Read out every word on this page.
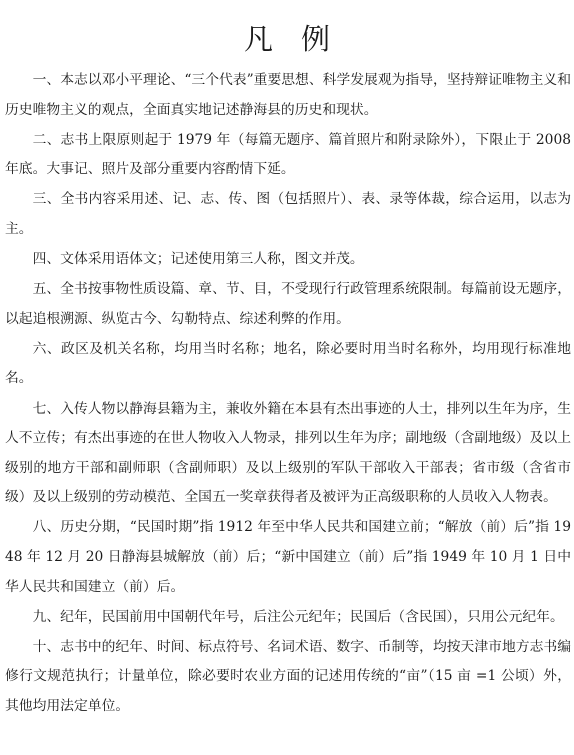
凡 例

一、本志以邓小平理论、“三个代表”重要思想、科学发展观为指导，坚持辩证唯物主义和历史唯物主义的观点，全面真实地记述静海县的历史和现状。

二、志书上限原则起于 1979 年（每篇无题序、篇首照片和附录除外），下限止于 2008 年底。大事记、照片及部分重要内容酌情下延。

三、全书内容采用述、记、志、传、图（包括照片）、表、录等体裁，综合运用，以志为主。

四、文体采用语体文；记述使用第三人称，图文并茂。

五、全书按事物性质设篇、章、节、目，不受现行行政管理系统限制。每篇前设无题序，以起追根溯源、纵览古今、勾勒特点、综述利弊的作用。

六、政区及机关名称，均用当时名称；地名，除必要时用当时名称外，均用现行标准地名。

七、入传人物以静海县籍为主，兼收外籍在本县有杰出事迹的人士，排列以生年为序，生人不立传；有杰出事迹的在世人物收入人物录，排列以生年为序；副地级（含副地级）及以上级别的地方干部和副师职（含副师职）及以上级别的军队干部收入干部表；省市级（含省市级）及以上级别的劳动模范、全国五一奖章获得者及被评为正高级职称的人员收入人物表。

八、历史分期，“民国时期”指 1912 年至中华人民共和国建立前；“解放（前）后”指 1948 年 12 月 20 日静海县城解放（前）后；“新中国建立（前）后”指 1949 年 10 月 1 日中华人民共和国建立（前）后。

九、纪年，民国前用中国朝代年号，后注公元纪年；民国后（含民国），只用公元纪年。

十、志书中的纪年、时间、标点符号、名词术语、数字、币制等，均按天津市地方志书编修行文规范执行；计量单位，除必要时农业方面的记述用传统的“亩”（15 亩 =1 公顷）外，其他均用法定单位。
